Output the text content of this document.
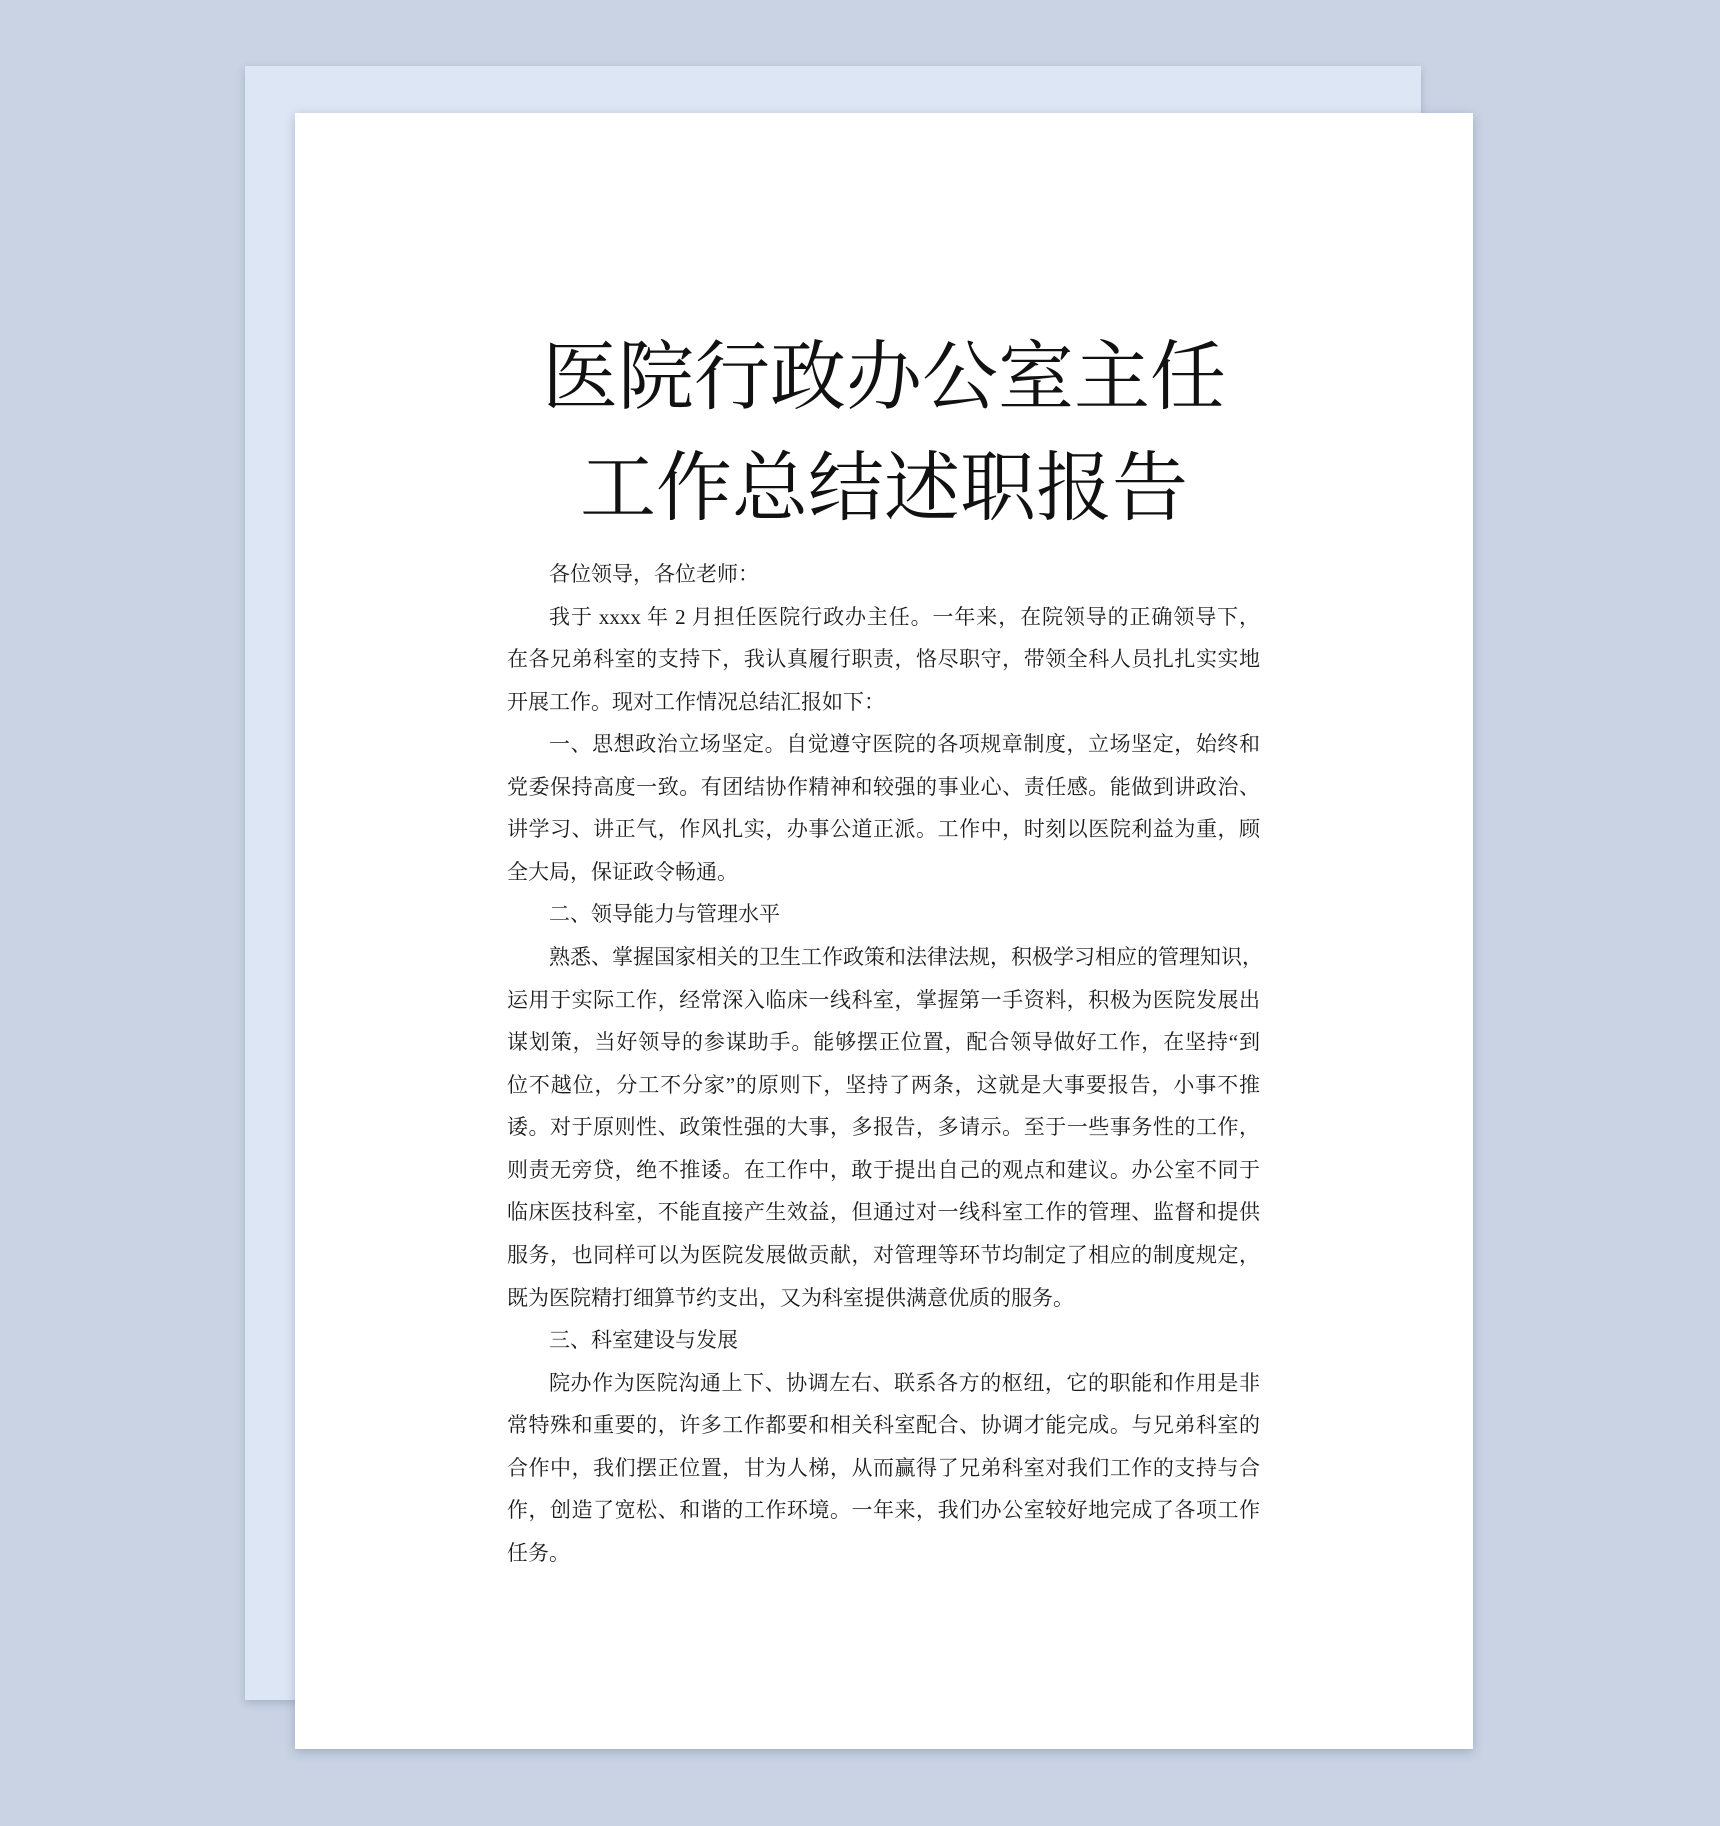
医院行政办公室主任
工作总结述职报告
各位领导，各位老师：
我于 xxxx 年 2 月担任医院行政办主任。一年来，在院领导的正确领导下，
在各兄弟科室的支持下，我认真履行职责，恪尽职守，带领全科人员扎扎实实地
开展工作。现对工作情况总结汇报如下：
一、思想政治立场坚定。自觉遵守医院的各项规章制度，立场坚定，始终和
党委保持高度一致。有团结协作精神和较强的事业心、责任感。能做到讲政治、
讲学习、讲正气，作风扎实，办事公道正派。工作中，时刻以医院利益为重，顾
全大局，保证政令畅通。
二、领导能力与管理水平
熟悉、掌握国家相关的卫生工作政策和法律法规，积极学习相应的管理知识，
运用于实际工作，经常深入临床一线科室，掌握第一手资料，积极为医院发展出
谋划策，当好领导的参谋助手。能够摆正位置，配合领导做好工作，在坚持“到
位不越位，分工不分家”的原则下，坚持了两条，这就是大事要报告，小事不推
诿。对于原则性、政策性强的大事，多报告，多请示。至于一些事务性的工作，
则责无旁贷，绝不推诿。在工作中，敢于提出自己的观点和建议。办公室不同于
临床医技科室，不能直接产生效益，但通过对一线科室工作的管理、监督和提供
服务，也同样可以为医院发展做贡献，对管理等环节均制定了相应的制度规定，
既为医院精打细算节约支出，又为科室提供满意优质的服务。
三、科室建设与发展
院办作为医院沟通上下、协调左右、联系各方的枢纽，它的职能和作用是非
常特殊和重要的，许多工作都要和相关科室配合、协调才能完成。与兄弟科室的
合作中，我们摆正位置，甘为人梯，从而赢得了兄弟科室对我们工作的支持与合
作，创造了宽松、和谐的工作环境。一年来，我们办公室较好地完成了各项工作
任务。
